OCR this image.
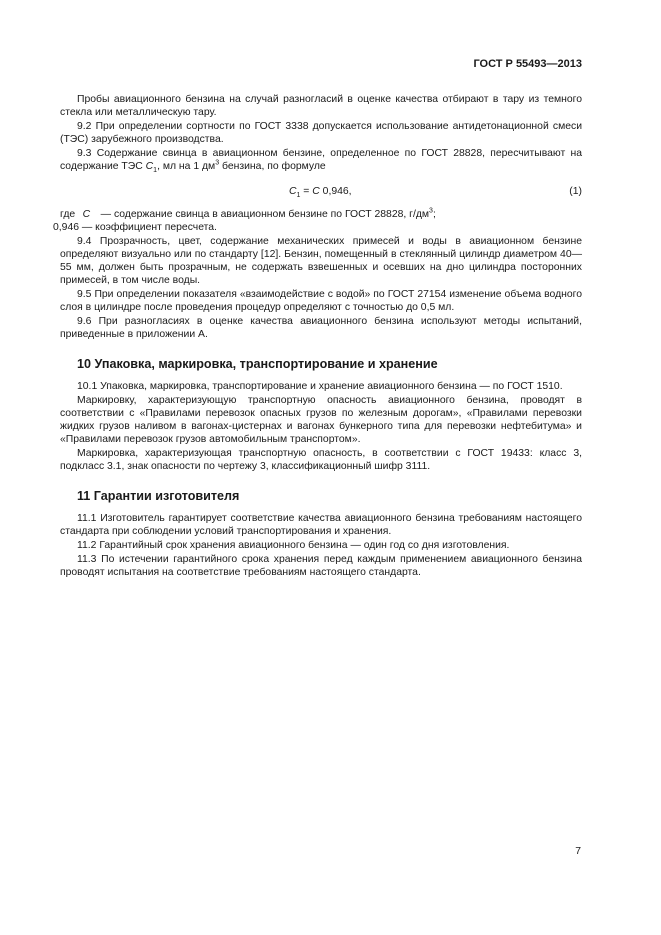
ГОСТ Р 55493—2013

Пробы авиационного бензина на случай разногласий в оценке качества отбирают в тару из темного стекла или металлическую тару.

9.2 При определении сортности по ГОСТ 3338 допускается использование антидетонационной смеси (ТЭС) зарубежного производства.

9.3 Содержание свинца в авиационном бензине, определенное по ГОСТ 28828, пересчитывают на содержание ТЭС $C_1$, мл на 1 $дм^3$ бензина, по формуле

$C_1 = C$ 0,946,	(1)

где C — содержание свинца в авиационном бензине по ГОСТ 28828, $г/дм^3$;

0,946 — коэффициент пересчета.

9.4 Прозрачность, цвет, содержание механических примесей и воды в авиационном бензине определяют визуально или по стандарту [12]. Бензин, помещенный в стеклянный цилиндр диаметром 40—55 мм, должен быть прозрачным, не содержать взвешенных и осевших на дно цилиндра посторонних примесей, в том числе воды.

9.5 При определении показателя «взаимодействие с водой» по ГОСТ 27154 изменение объема водного слоя в цилиндре после проведения процедур определяют с точностью до 0,5 мл.

9.6 При разногласиях в оценке качества авиационного бензина используют методы испытаний, приведенные в приложении А.

10 Упаковка, маркировка, транспортирование и хранение

10.1 Упаковка, маркировка, транспортирование и хранение авиационного бензина — по ГОСТ 1510.

Маркировку, характеризующую транспортную опасность авиационного бензина, проводят в соответствии с «Правилами перевозок опасных грузов по железным дорогам», «Правилами перевозки жидких грузов наливом в вагонах-цистернах и вагонах бункерного типа для перевозки нефтебитума» и «Правилами перевозок грузов автомобильным транспортом».

Маркировка, характеризующая транспортную опасность, в соответствии с ГОСТ 19433: класс 3, подкласс 3.1, знак опасности по чертежу 3, классификационный шифр 3111.

11 Гарантии изготовителя

11.1 Изготовитель гарантирует соответствие качества авиационного бензина требованиям настоящего стандарта при соблюдении условий транспортирования и хранения.

11.2 Гарантийный срок хранения авиационного бензина — один год со дня изготовления.

11.3 По истечении гарантийного срока хранения перед каждым применением авиационного бензина проводят испытания на соответствие требованиям настоящего стандарта.

7
